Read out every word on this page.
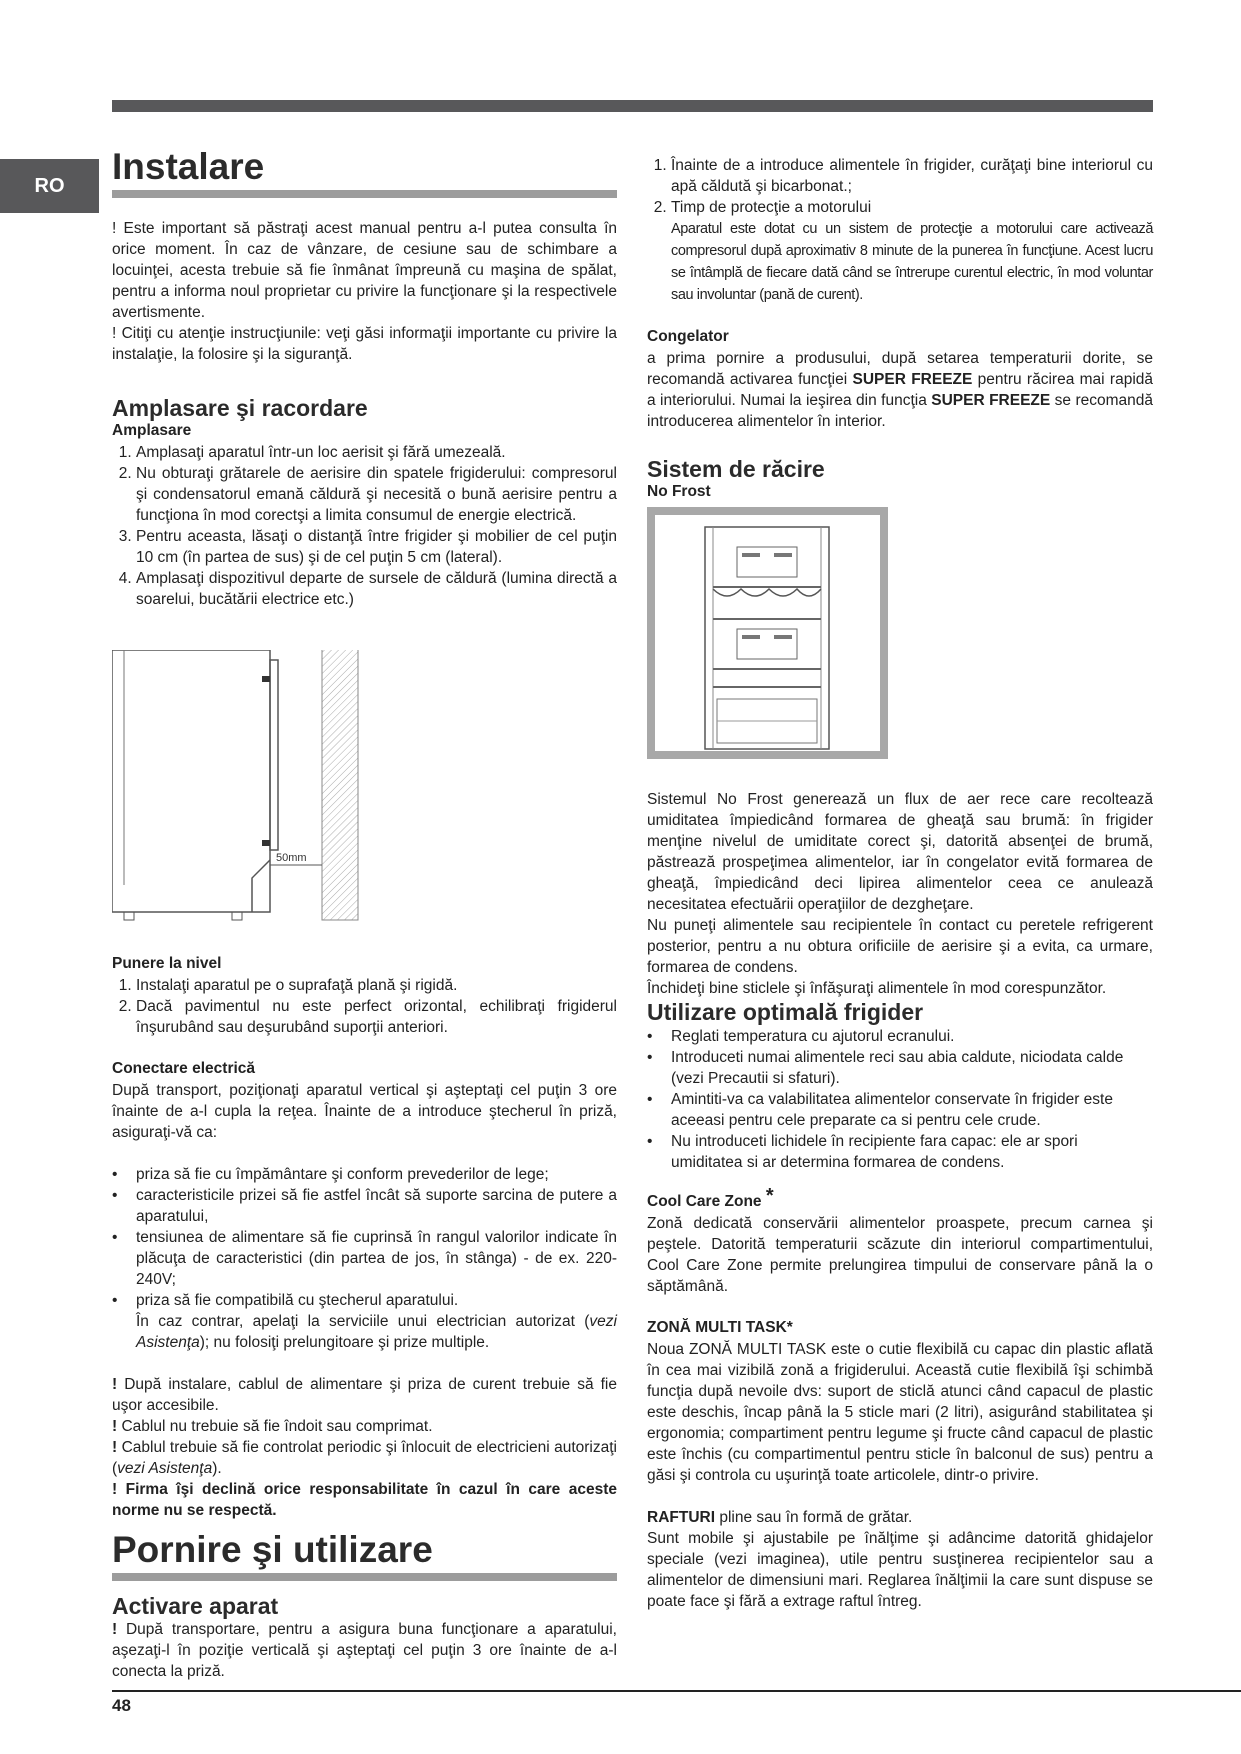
RO Instalare

! Este important să păstraţi acest manual pentru a-l putea consulta în orice moment. În caz de vânzare, de cesiune sau de schimbare a locuinţei, acesta trebuie să fie înmânat împreună cu maşina de spălat, pentru a informa noul proprietar cu privire la funcţionare şi la respectivele avertismente.

! Citiţi cu atenţie instrucţiunile: veţi găsi informaţii importante cu privire la instalaţie, la folosire şi la siguranţă.

Amplasare şi racordare
Amplasare
1. Amplasaţi aparatul într-un loc aerisit şi fără umezeală.
2. Nu obturaţi grătarele de aerisire din spatele frigiderului: compresorul şi condensatorul emană căldură şi necesită o bună aerisire pentru a funcţiona în mod corectşi a limita consumul de energie electrică.
3. Pentru aceasta, lăsaţi o distanţă între frigider şi mobilier de cel puţin 10 cm (în partea de sus) şi de cel puţin 5 cm (lateral).
4. Amplasaţi dispozitivul departe de sursele de căldură (lumina directă a soarelui, bucătării electrice etc.)
50mm
Punere la nivel
1. Instalaţi aparatul pe o suprafaţă plană şi rigidă.
2. Dacă pavimentul nu este perfect orizontal, echilibraţi frigiderul înşurubând sau deşurubând suporţii anteriori.
Conectare electrică

După transport, poziţionaţi aparatul vertical şi aşteptaţi cel puţin 3 ore înainte de a-l cupla la reţea. Înainte de a introduce ştecherul în priză, asiguraţi-vă ca:

• priza să fie cu împământare şi conform prevederilor de lege;
• caracteristicile prizei să fie astfel încât să suporte sarcina de putere a aparatului,
• tensiunea de alimentare să fie cuprinsă în rangul valorilor indicate în plăcuţa de caracteristici (din partea de jos, în stânga) - de ex. 220-240V;
• priza să fie compatibilă cu ştecherul aparatului.
În caz contrar, apelaţi la serviciile unui electrician autorizat (vezi Asistenţa); nu folosiţi prelungitoare şi prize multiple.

! După instalare, cablul de alimentare şi priza de curent trebuie să fie uşor accesibile.

! Cablul nu trebuie să fie îndoit sau comprimat.

! Cablul trebuie să fie controlat periodic şi înlocuit de electricieni autorizaţi (vezi Asistenţa).

! Firma îşi declină orice responsabilitate în cazul în care aceste norme nu se respectă.

Pornire şi utilizare
Activare aparat

! După transportare, pentru a asigura buna funcţionare a aparatului, aşezaţi-l în poziţie verticală şi aşteptaţi cel puţin 3 ore înainte de a-l conecta la priză.

1. Înainte de a introduce alimentele în frigider, curăţaţi bine interiorul cu apă căldută şi bicarbonat.;
2. Timp de protecţie a motorului
Aparatul este dotat cu un sistem de protecţie a motorului care activează compresorul după aproximativ 8 minute de la punerea în funcţiune. Acest lucru se întâmplă de fiecare dată când se întrerupe curentul electric, în mod voluntar sau involuntar (pană de curent).
Congelator

a prima pornire a produsului, după setarea temperaturii dorite, se recomandă activarea funcţiei SUPER FREEZE pentru răcirea mai rapidă a interiorului. Numai la ieşirea din funcţia SUPER FREEZE se recomandă introducerea alimentelor în interior.

Sistem de răcire
No Frost

Sistemul No Frost generează un flux de aer rece care recoltează umiditatea împiedicând formarea de gheaţă sau brumă: în frigider menţine nivelul de umiditate corect şi, datorită absenţei de brumă, păstrează prospeţimea alimentelor, iar în congelator evită formarea de gheaţă, împiedicând deci lipirea alimentelor ceea ce anulează necesitatea efectuării operaţiilor de dezgheţare.

Nu puneţi alimentele sau recipientele în contact cu peretele refrigerent posterior, pentru a nu obtura orificiile de aerisire şi a evita, ca urmare, formarea de condens.

Închideţi bine sticlele şi înfăşuraţi alimentele în mod corespunzător.

Utilizare optimală frigider
• Reglati temperatura cu ajutorul ecranului.
• Introduceti numai alimentele reci sau abia caldute, niciodata calde (vezi Precautii si sfaturi).
• Amintiti-va ca valabilitatea alimentelor conservate în frigider este aceeasi pentru cele preparate ca si pentru cele crude.
• Nu introduceti lichidele în recipiente fara capac: ele ar spori umiditatea si ar determina formarea de condens.
Cool Care Zone *

Zonă dedicată conservării alimentelor proaspete, precum carnea şi peştele. Datorită temperaturii scăzute din interiorul compartimentului, Cool Care Zone permite prelungirea timpului de conservare până la o săptămână.

ZONĂ MULTI TASK*

Noua ZONĂ MULTI TASK este o cutie flexibilă cu capac din plastic aflată în cea mai vizibilă zonă a frigiderului. Această cutie flexibilă îşi schimbă funcţia după nevoile dvs: suport de sticlă atunci când capacul de plastic este deschis, încap până la 5 sticle mari (2 litri), asigurând stabilitatea şi ergonomia; compartiment pentru legume şi fructe când capacul de plastic este închis (cu compartimentul pentru sticle în balconul de sus) pentru a găsi şi controla cu uşurinţă toate articolele, dintr-o privire.

RAFTURI pline sau în formă de grătar.

Sunt mobile şi ajustabile pe înălţime şi adâncime datorită ghidajelor speciale (vezi imaginea), utile pentru susţinerea recipientelor sau a alimentelor de dimensiuni mari. Reglarea înălţimii la care sunt dispuse se poate face şi fără a extrage raftul întreg.

48
